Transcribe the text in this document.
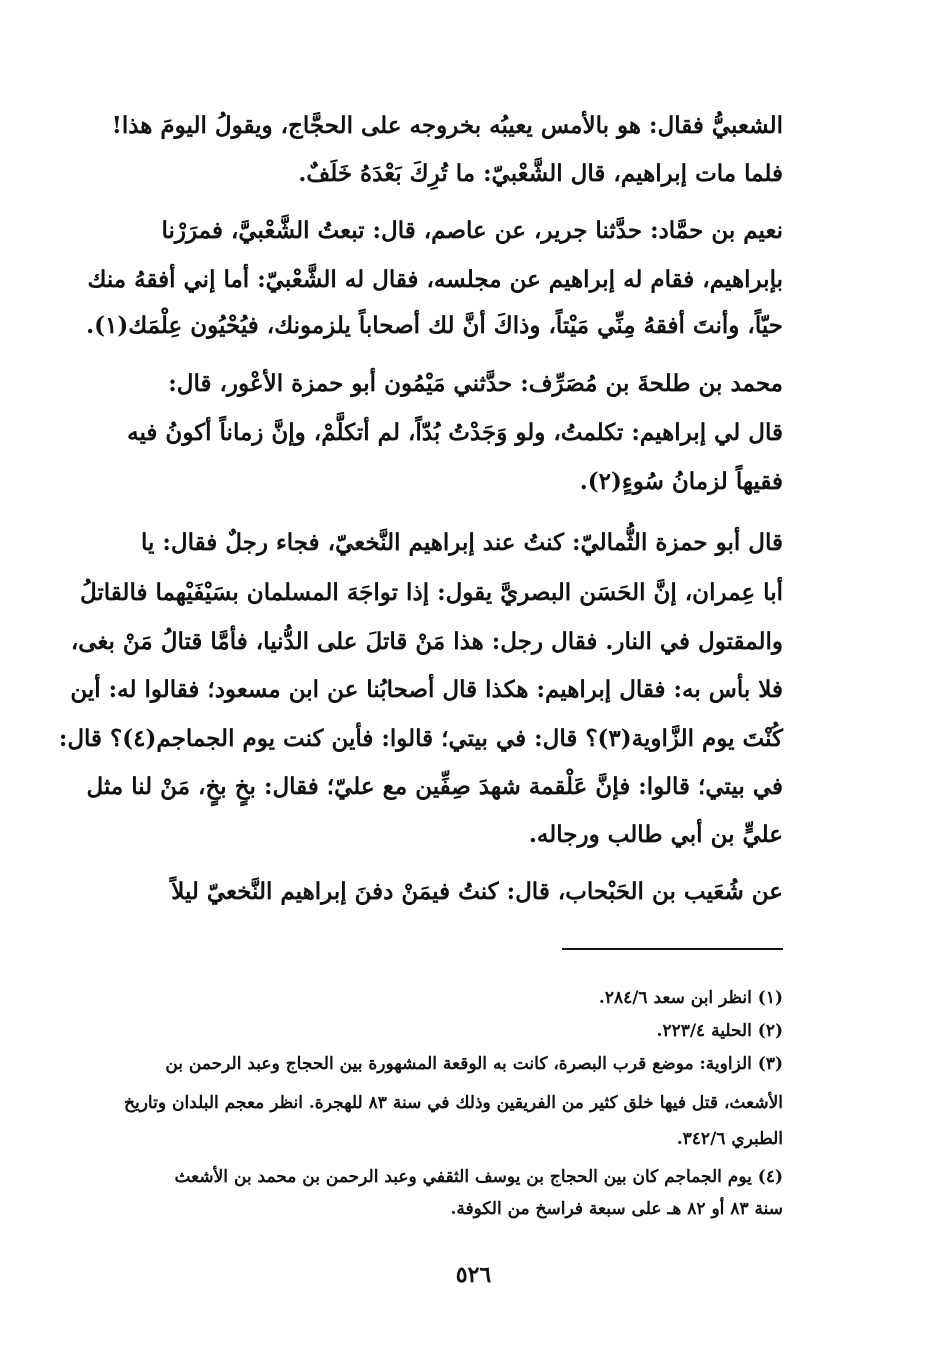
الشعبيُّ فقال: هو بالأمس يعيبُه بخروجه على الحجَّاج، ويقولُ اليومَ هذا!
فلما مات إبراهيم، قال الشَّعْبيّ: ما تُرِكَ بَعْدَهُ خَلَفٌ.
نعيم بن حمَّاد: حدَّثنا جرير، عن عاصم، قال: تبعتُ الشَّعْبيَّ، فمرَرْنا
بإبراهيم، فقام له إبراهيم عن مجلسه، فقال له الشَّعْبيّ: أما إني أفقهُ منك
حيّاً، وأنتَ أفقهُ مِنِّي مَيْتاً، وذاكَ أنَّ لك أصحاباً يلزمونك، فيُحْيُون عِلْمَك(١).
محمد بن طلحةَ بن مُصَرِّف: حدَّثني مَيْمُون أبو حمزة الأعْور، قال:
قال لي إبراهيم: تكلمتُ، ولو وَجَدْتُ بُدّاً، لم أتكلَّمْ، وإنَّ زماناً أكونُ فيه
فقيهاً لزمانُ سُوءٍ(٢).
قال أبو حمزة الثُّماليّ: كنتُ عند إبراهيم النَّخعيّ، فجاء رجلٌ فقال: يا
أبا عِمران، إنَّ الحَسَن البصريَّ يقول: إذا تواجَهَ المسلمان بسَيْفَيْهما فالقاتلُ
والمقتول في النار. فقال رجل: هذا مَنْ قاتلَ على الدُّنيا، فأمَّا قتالُ مَنْ بغى،
فلا بأس به: فقال إبراهيم: هكذا قال أصحابُنا عن ابن مسعود؛ فقالوا له: أين
كُنْتَ يوم الزَّاوية(٣)؟ قال: في بيتي؛ قالوا: فأين كنت يوم الجماجم(٤)؟ قال:
في بيتي؛ قالوا: فإنَّ عَلْقمة شهدَ صِفِّين مع عليّ؛ فقال: بخٍ بخٍ، مَنْ لنا مثل
عليٍّ بن أبي طالب ورجاله.
عن شُعَيب بن الحَبْحاب، قال: كنتُ فيمَنْ دفنَ إبراهيم النَّخعيّ ليلاً
(١) انظر ابن سعد ٢٨٤/٦.
(٢) الحلية ٢٢٣/٤.
(٣) الزاوية: موضع قرب البصرة، كانت به الوقعة المشهورة بين الحجاج وعبد الرحمن بن
الأشعث، قتل فيها خلق كثير من الفريقين وذلك في سنة ٨٣ للهجرة. انظر معجم البلدان وتاريخ
الطبري ٣٤٢/٦.
(٤) يوم الجماجم كان بين الحجاج بن يوسف الثقفي وعبد الرحمن بن محمد بن الأشعث
سنة ٨٣ أو ٨٢ هـ على سبعة فراسخ من الكوفة.
٥٢٦
